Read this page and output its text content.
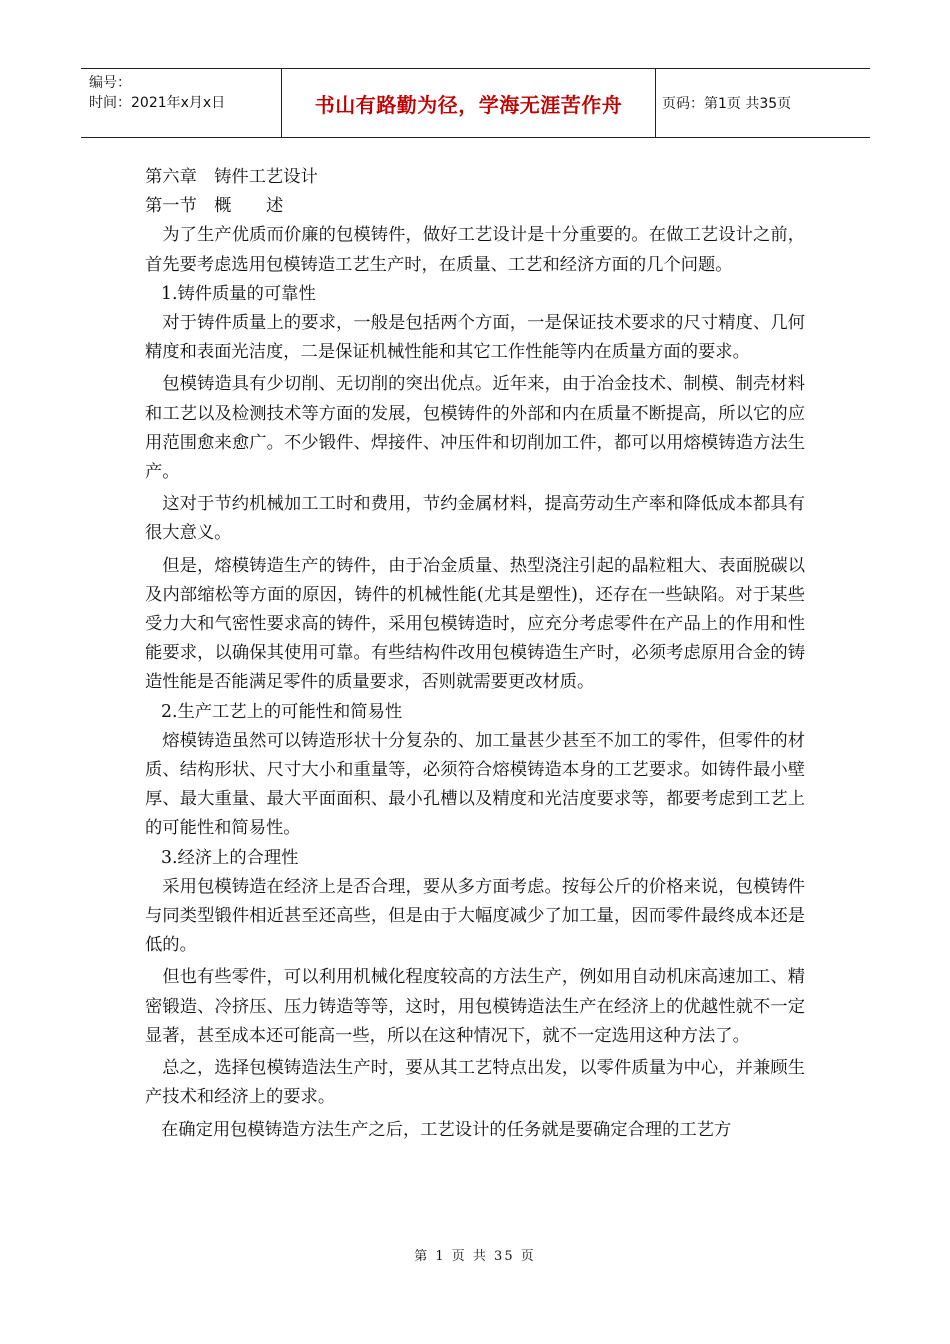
编号：
时间：2021年x月x日	书山有路勤为径，学海无涯苦作舟	页码：第1页 共35页

第六章　铸件工艺设计

第一节　概　　述

为了生产优质而价廉的包模铸件，做好工艺设计是十分重要的。在做工艺设计之前，首先要考虑选用包模铸造工艺生产时，在质量、工艺和经济方面的几个问题。

1.铸件质量的可靠性

对于铸件质量上的要求，一般是包括两个方面，一是保证技术要求的尺寸精度、几何精度和表面光洁度，二是保证机械性能和其它工作性能等内在质量方面的要求。

包模铸造具有少切削、无切削的突出优点。近年来，由于冶金技术、制模、制壳材料和工艺以及检测技术等方面的发展，包模铸件的外部和内在质量不断提高，所以它的应用范围愈来愈广。不少锻件、焊接件、冲压件和切削加工件，都可以用熔模铸造方法生产。

这对于节约机械加工工时和费用，节约金属材料，提高劳动生产率和降低成本都具有很大意义。

但是，熔模铸造生产的铸件，由于冶金质量、热型浇注引起的晶粒粗大、表面脱碳以及内部缩松等方面的原因，铸件的机械性能(尤其是塑性)，还存在一些缺陷。对于某些受力大和气密性要求高的铸件，采用包模铸造时，应充分考虑零件在产品上的作用和性能要求，以确保其使用可靠。有些结构件改用包模铸造生产时，必须考虑原用合金的铸造性能是否能满足零件的质量要求，否则就需要更改材质。

2.生产工艺上的可能性和简易性

熔模铸造虽然可以铸造形状十分复杂的、加工量甚少甚至不加工的零件，但零件的材质、结构形状、尺寸大小和重量等，必须符合熔模铸造本身的工艺要求。如铸件最小壁厚、最大重量、最大平面面积、最小孔槽以及精度和光洁度要求等，都要考虑到工艺上的可能性和简易性。

3.经济上的合理性

采用包模铸造在经济上是否合理，要从多方面考虑。按每公斤的价格来说，包模铸件与同类型锻件相近甚至还高些，但是由于大幅度减少了加工量，因而零件最终成本还是低的。

但也有些零件，可以利用机械化程度较高的方法生产，例如用自动机床高速加工、精密锻造、冷挤压、压力铸造等等，这时，用包模铸造法生产在经济上的优越性就不一定显著，甚至成本还可能高一些，所以在这种情况下，就不一定选用这种方法了。

总之，选择包模铸造法生产时，要从其工艺特点出发，以零件质量为中心，并兼顾生产技术和经济上的要求。

在确定用包模铸造方法生产之后，工艺设计的任务就是要确定合理的工艺方

第 1 页 共 35 页
